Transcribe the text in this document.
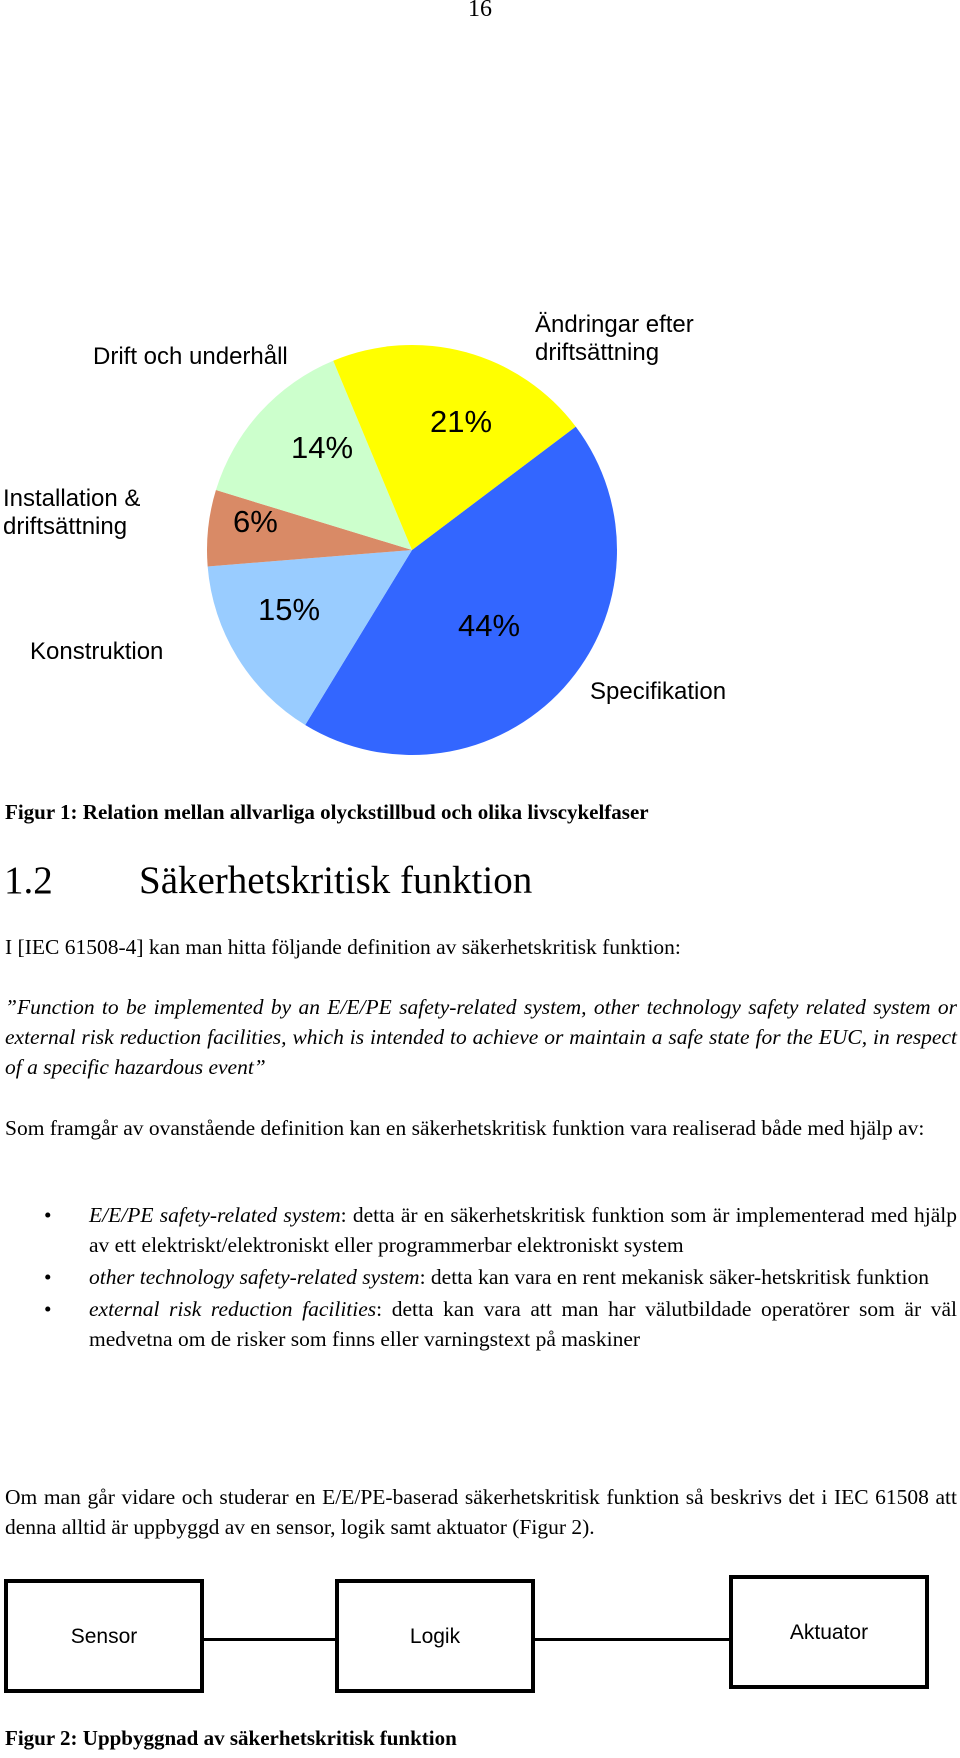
16
Ändringar efter
driftsättning
Drift och underhåll
Installation &
driftsättning
Konstruktion
Specifikation
21%
14%
6%
15%	44%
Figur 1: Relation mellan allvarliga olyckstillbud och olika livscykelfaser
1.2 Säkerhetskritisk funktion
I [IEC 61508-4] kan man hitta följande definition av säkerhetskritisk funktion:
”Function to be implemented by an E/E/PE safety-related system, other technology safety related system or external risk reduction facilities, which is intended to achieve or maintain a safe state for the EUC, in respect of a specific hazardous event”
Som framgår av ovanstående definition kan en säkerhetskritisk funktion vara realiserad både med hjälp av:
• E/E/PE safety-related system: detta är en säkerhetskritisk funktion som är implementerad med hjälp av ett elektriskt/elektroniskt eller programmerbar elektroniskt system
• other technology safety-related system: detta kan vara en rent mekanisk säker-hetskritisk funktion
• external risk reduction facilities: detta kan vara att man har välutbildade operatörer som är väl medvetna om de risker som finns eller varningstext på maskiner
Om man går vidare och studerar en E/E/PE-baserad säkerhetskritisk funktion så beskrivs det i IEC 61508 att denna alltid är uppbyggd av en sensor, logik samt aktuator (Figur 2).
Sensor	Logik	Aktuator
Figur 2: Uppbyggnad av säkerhetskritisk funktion
